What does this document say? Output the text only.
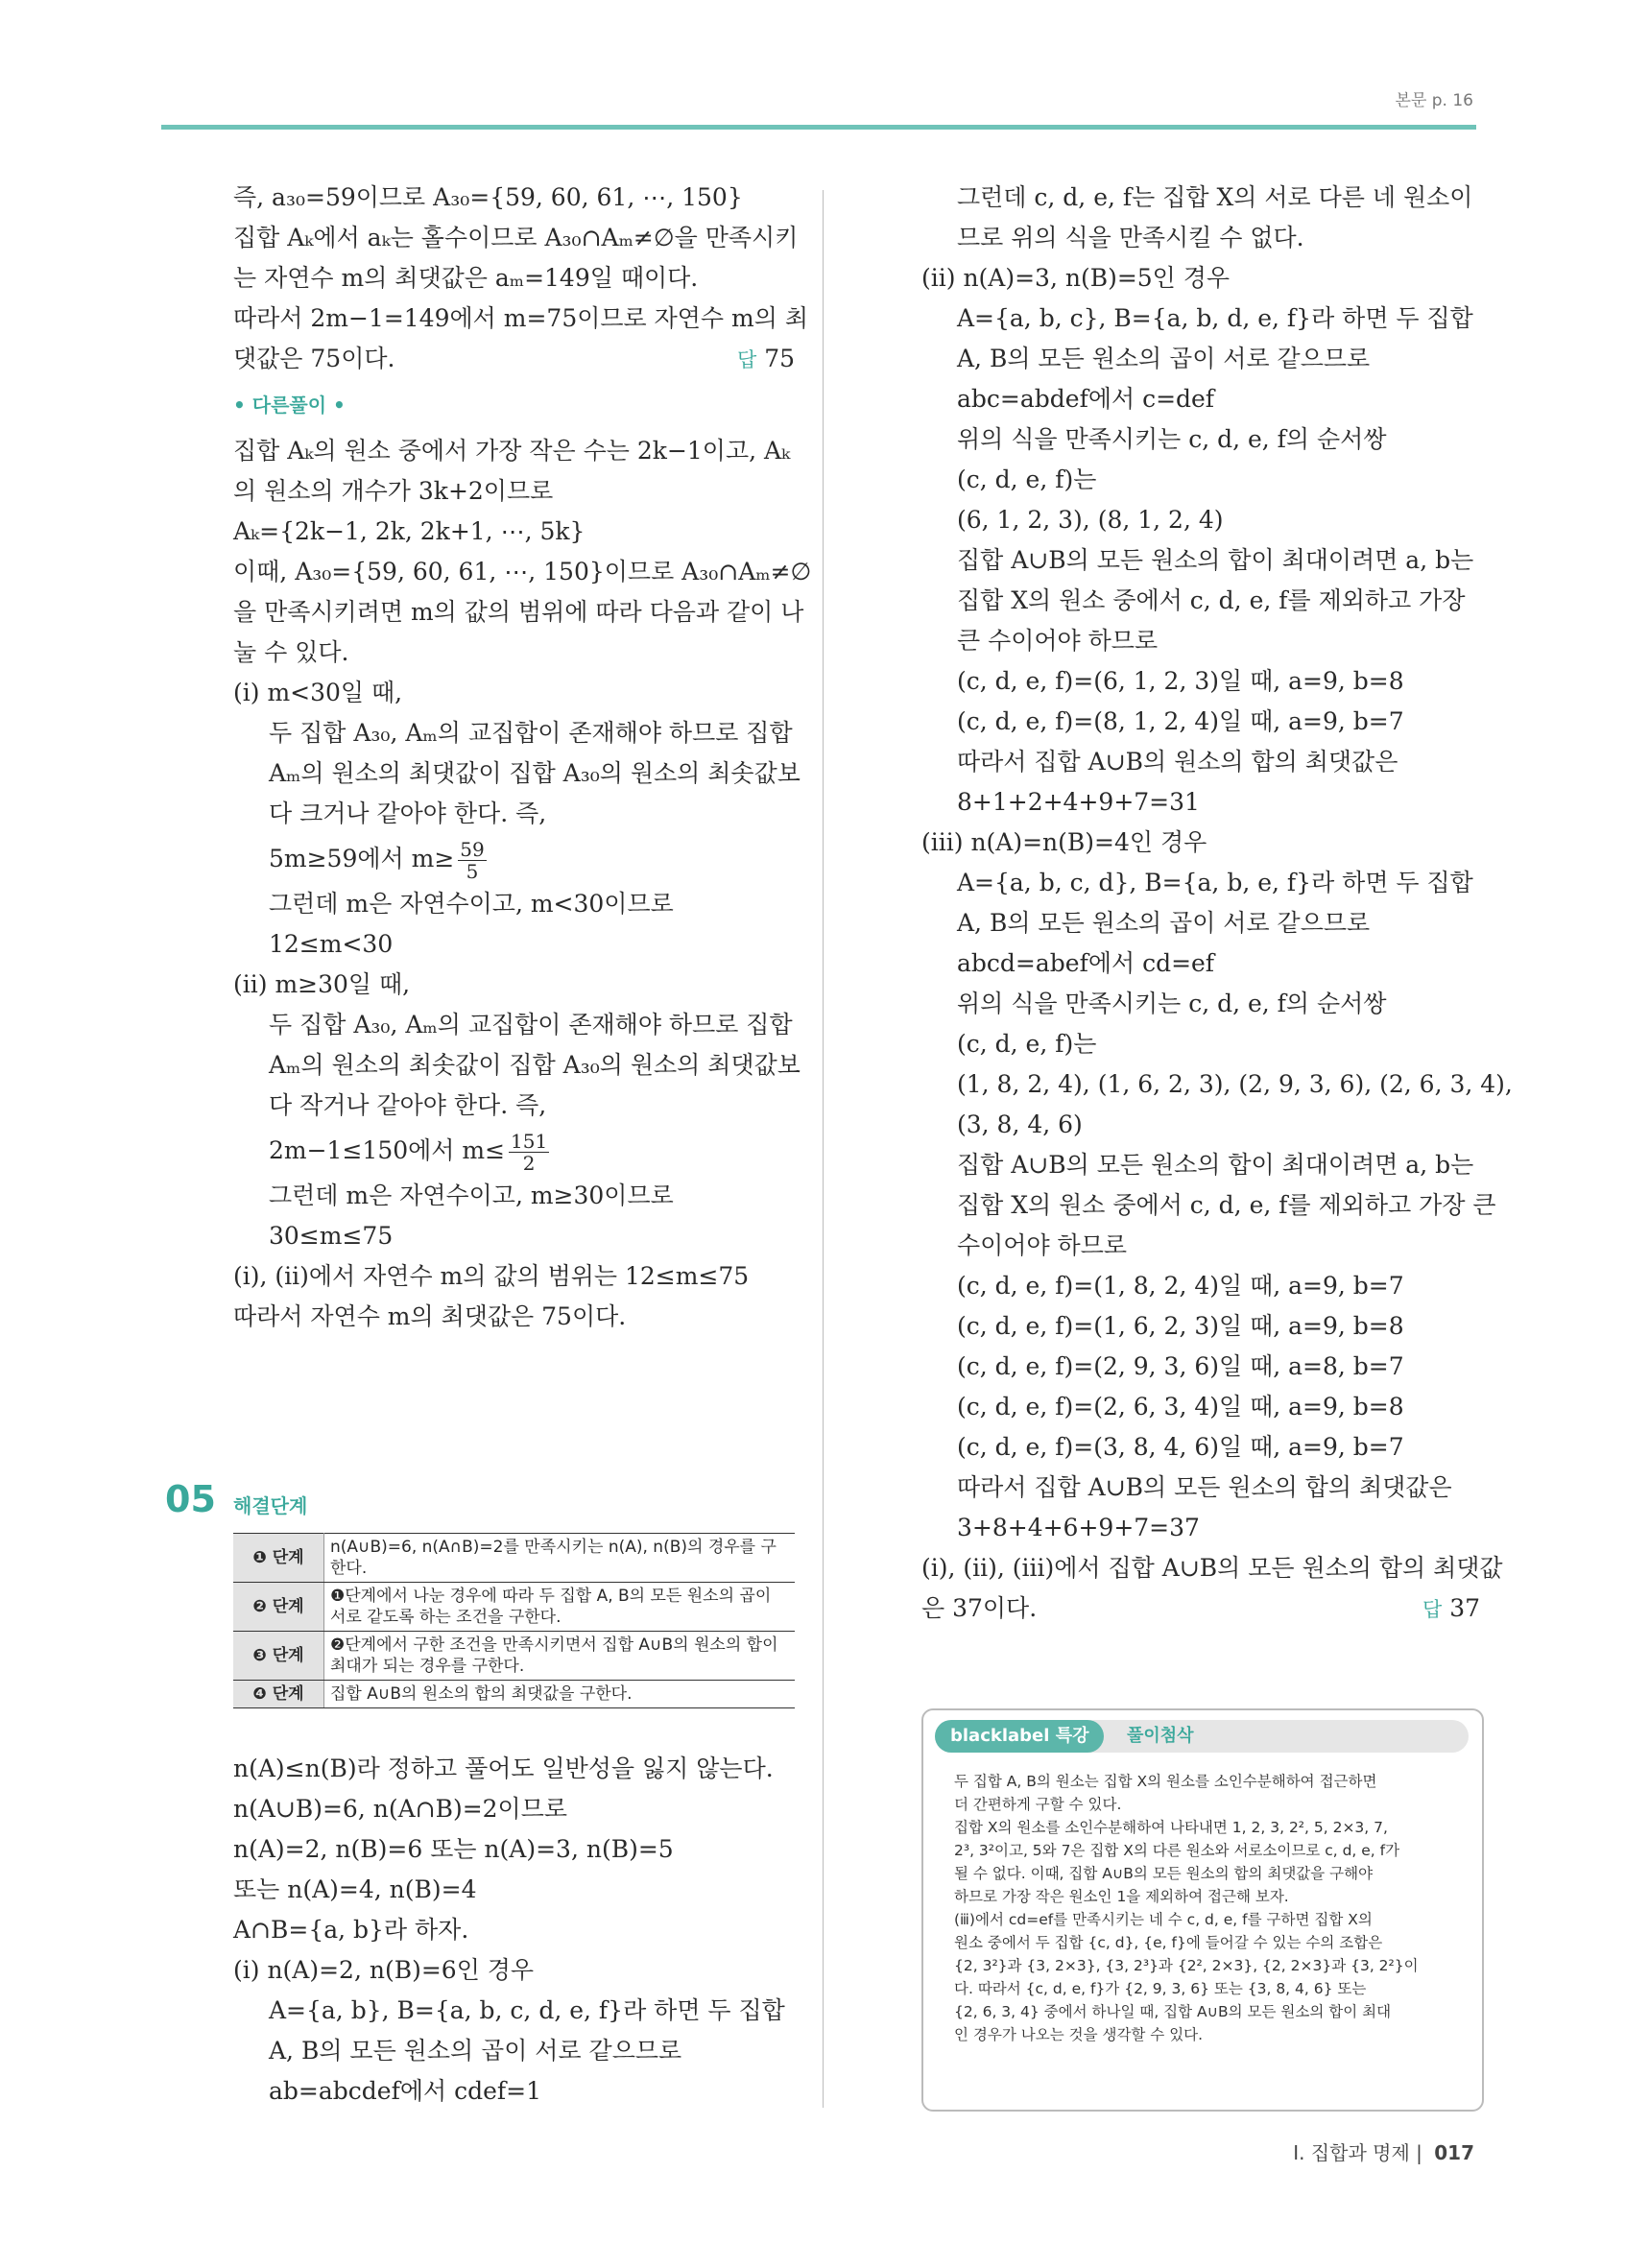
본문 p. 16
즉, a₃₀=59이므로 A₃₀={59, 60, 61, ⋯, 150}
집합 Aₖ에서 aₖ는 홀수이므로 A₃₀∩Aₘ≠∅을 만족시키
는 자연수 m의 최댓값은 aₘ=149일 때이다.
따라서 2m−1=149에서 m=75이므로 자연수 m의 최
댓값은 75이다.	답 75
• 다른풀이 •
집합 Aₖ의 원소 중에서 가장 작은 수는 2k−1이고, Aₖ
의 원소의 개수가 3k+2이므로
Aₖ={2k−1, 2k, 2k+1, ⋯, 5k}
이때, A₃₀={59, 60, 61, ⋯, 150}이므로 A₃₀∩Aₘ≠∅
을 만족시키려면 m의 값의 범위에 따라 다음과 같이 나
눌 수 있다.
(ⅰ) m<30일 때,
두 집합 A₃₀, Aₘ의 교집합이 존재해야 하므로 집합
Aₘ의 원소의 최댓값이 집합 A₃₀의 원소의 최솟값보
다 크거나 같아야 한다. 즉,
5m≥59에서 $m\ge \frac{59}{5}$
그런데 m은 자연수이고, m<30이므로
12≤m<30
(ⅱ) m≥30일 때,
두 집합 A₃₀, Aₘ의 교집합이 존재해야 하므로 집합
Aₘ의 원소의 최솟값이 집합 A₃₀의 원소의 최댓값보
다 작거나 같아야 한다. 즉,
2m−1≤150에서 $m\le \frac{151}{2}$
그런데 m은 자연수이고, m≥30이므로
30≤m≤75
(ⅰ), (ⅱ)에서 자연수 m의 값의 범위는 12≤m≤75
따라서 자연수 m의 최댓값은 75이다.
05 해결단계
❶ 단계	n(A∪B)=6, n(A∩B)=2를 만족시키는 n(A), n(B)의 경우를 구한다.
❷ 단계	❶단계에서 나눈 경우에 따라 두 집합 A, B의 모든 원소의 곱이 서로 같도록 하는 조건을 구한다.
❸ 단계	❷단계에서 구한 조건을 만족시키면서 집합 A∪B의 원소의 합이 최대가 되는 경우를 구한다.
❹ 단계	집합 A∪B의 원소의 합의 최댓값을 구한다.
n(A)≤n(B)라 정하고 풀어도 일반성을 잃지 않는다.
n(A∪B)=6, n(A∩B)=2이므로
n(A)=2, n(B)=6 또는 n(A)=3, n(B)=5
또는 n(A)=4, n(B)=4
A∩B={a, b}라 하자.
(ⅰ) n(A)=2, n(B)=6인 경우
A={a, b}, B={a, b, c, d, e, f}라 하면 두 집합
A, B의 모든 원소의 곱이 서로 같으므로
ab=abcdef에서 cdef=1
그런데 c, d, e, f는 집합 X의 서로 다른 네 원소이
므로 위의 식을 만족시킬 수 없다.
(ⅱ) n(A)=3, n(B)=5인 경우
A={a, b, c}, B={a, b, d, e, f}라 하면 두 집합
A, B의 모든 원소의 곱이 서로 같으므로
abc=abdef에서 c=def
위의 식을 만족시키는 c, d, e, f의 순서쌍
(c, d, e, f)는
(6, 1, 2, 3), (8, 1, 2, 4)
집합 A∪B의 모든 원소의 합이 최대이려면 a, b는
집합 X의 원소 중에서 c, d, e, f를 제외하고 가장
큰 수이어야 하므로
(c, d, e, f)=(6, 1, 2, 3)일 때, a=9, b=8
(c, d, e, f)=(8, 1, 2, 4)일 때, a=9, b=7
따라서 집합 A∪B의 원소의 합의 최댓값은
8+1+2+4+9+7=31
(ⅲ) n(A)=n(B)=4인 경우
A={a, b, c, d}, B={a, b, e, f}라 하면 두 집합
A, B의 모든 원소의 곱이 서로 같으므로
abcd=abef에서 cd=ef
위의 식을 만족시키는 c, d, e, f의 순서쌍
(c, d, e, f)는
(1, 8, 2, 4), (1, 6, 2, 3), (2, 9, 3, 6), (2, 6, 3, 4),
(3, 8, 4, 6)
집합 A∪B의 모든 원소의 합이 최대이려면 a, b는
집합 X의 원소 중에서 c, d, e, f를 제외하고 가장 큰
수이어야 하므로
(c, d, e, f)=(1, 8, 2, 4)일 때, a=9, b=7
(c, d, e, f)=(1, 6, 2, 3)일 때, a=9, b=8
(c, d, e, f)=(2, 9, 3, 6)일 때, a=8, b=7
(c, d, e, f)=(2, 6, 3, 4)일 때, a=9, b=8
(c, d, e, f)=(3, 8, 4, 6)일 때, a=9, b=7
따라서 집합 A∪B의 모든 원소의 합의 최댓값은
3+8+4+6+9+7=37
(ⅰ), (ⅱ), (ⅲ)에서 집합 A∪B의 모든 원소의 합의 최댓값
은 37이다.	답 37
blacklabel 특강	풀이첨삭
두 집합 A, B의 원소는 집합 X의 원소를 소인수분해하여 접근하면
더 간편하게 구할 수 있다.
집합 X의 원소를 소인수분해하여 나타내면 1, 2, 3, 2², 5, 2×3, 7,
2³, 3²이고, 5와 7은 집합 X의 다른 원소와 서로소이므로 c, d, e, f가
될 수 없다. 이때, 집합 A∪B의 모든 원소의 합의 최댓값을 구해야
하므로 가장 작은 원소인 1을 제외하여 접근해 보자.
(ⅲ)에서 cd=ef를 만족시키는 네 수 c, d, e, f를 구하면 집합 X의
원소 중에서 두 집합 {c, d}, {e, f}에 들어갈 수 있는 수의 조합은
{2, 3²}과 {3, 2×3}, {3, 2³}과 {2², 2×3}, {2, 2×3}과 {3, 2²}이
다. 따라서 {c, d, e, f}가 {2, 9, 3, 6} 또는 {3, 8, 4, 6} 또는
{2, 6, 3, 4} 중에서 하나일 때, 집합 A∪B의 모든 원소의 합이 최대
인 경우가 나오는 것을 생각할 수 있다.
Ⅰ. 집합과 명제 | 017
